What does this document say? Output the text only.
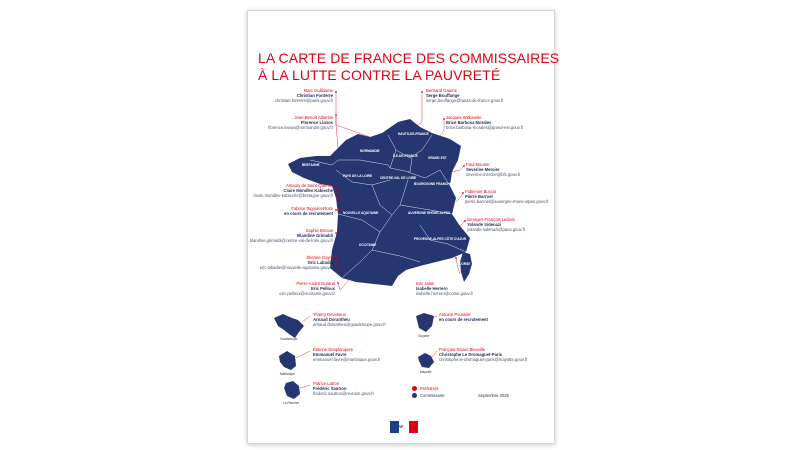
LA CARTE DE FRANCE DES COMMISSAIRES
À LA LUTTE CONTRE LA PAUVRETÉ
HAUTS-DE-FRANCE
NORMANDIE
ÎLE-DE-FRANCE	GRAND EST
BRETAGNE
PAYS DE LA LOIRE CENTRE-VAL DE LOIRE
BOURGOGNE FRANCHE-COMTÉ
NOUVELLE AQUITAINE	AUVERGNE RHÔNE-ALPES
OCCITANIE
PROVENCE-ALPES CÔTE D'AZUR
CORSE
Marc Guillaume
Christian Fonterre
christian.fonterre@paris.gouv.fr
Jean-Benoît Albertini
Florence Lianos
florence.lianos@normandie.gouv.fr
Amaury de Saint-Quentin
Claire Mondlev Kabieche
claire.mondlev-kabieche@bretagne.gouv.fr
Fabrice Rigoulet-Roze
en cours de recrutement
Sophie Brocas
Blandine Grimaldi
blandine.grimaldi@centre-val-de-loire.gouv.fr
Étienne Guyot
Eric Labadie
eric.labadie@nouvelle-aquitaine.gouv.fr
Pierre-André Durand
Eric Pelloux
eric.pelloux@occitanie.gouv.fr
Bertrand Gaume
Serge Bouffange
serge.bouffange@hauts-de-france.gouv.fr
Jacques Witkowski
Brice Barbosa Morales
brice.barbosa-morales@grand-est.gouv.fr
Paul Mourier
Severine Mercier
severine.mercier@bfc.gouv.fr
Fabienne Buccio
Pierre Barroel
pierre.barroel@auvergne-rhone-alpes.gouv.fr
Georges-François Leclerc
Yolande Sidenazi
yolande.sidenazi@paca.gouv.fr
Eric Jalon
Isabelle Herrero
isabelle.herrero@corse.gouv.fr
Thierry Devimeux
Arnaud Dorantheu
arnaud.dorantheu@guadeloupe.gouv.fr
Antoine Poussier
en cours de recrutement
Étienne Desplanques
Emmanuel Favre
emmanuel.favre@martinique.gouv.fr
François-Xavier Bieuville
Christophe Le Dromaguet-Paris
christophe.le-dromaguet-paris@mayotte.gouv.fr
Patrice Latron
Frédéric Sautron
frederic.sautron@reunion.gouv.fr
Guadeloupe
Guyane
Martinique	Mayotte
La Réunion
Préfet(e)s
Commissaire	Septembre 2025
RF
